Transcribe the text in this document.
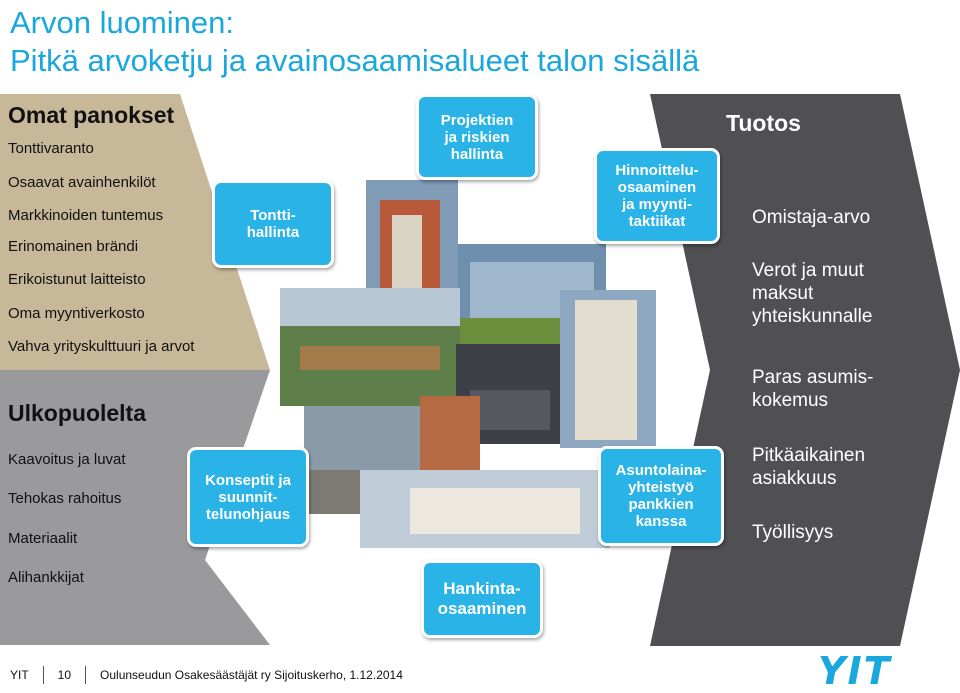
Arvon luominen:
Pitkä arvoketju ja avainosaamisalueet talon sisällä
Omat panokset
Tonttivaranto
Osaavat avainhenkilöt
Markkinoiden tuntemus
Erinomainen brändi
Erikoistunut laitteisto
Oma myyntiverkosto
Vahva yrityskulttuuri ja arvot
Ulkopuolelta
Kaavoitus ja luvat
Tehokas rahoitus
Materiaalit
Alihankkijat
Tontti-
hallinta
Projektien
ja riskien
hallinta
Hinnoittelu-
osaaminen
ja myynti-
taktiikat
Konseptit ja
suunnit-
telunohjaus
Asuntolaina-
yhteistyö
pankkien
kanssa
Hankinta-
osaaminen
Tuotos
Omistaja-arvo
Verot ja muut maksut yhteiskunnalle
Paras asumis-kokemus
Pitkäaikainen asiakkuus
Työllisyys
YIT 10 Oulunseudun Osakesäästäjät ry Sijoituskerho, 1.12.2014	YIT
